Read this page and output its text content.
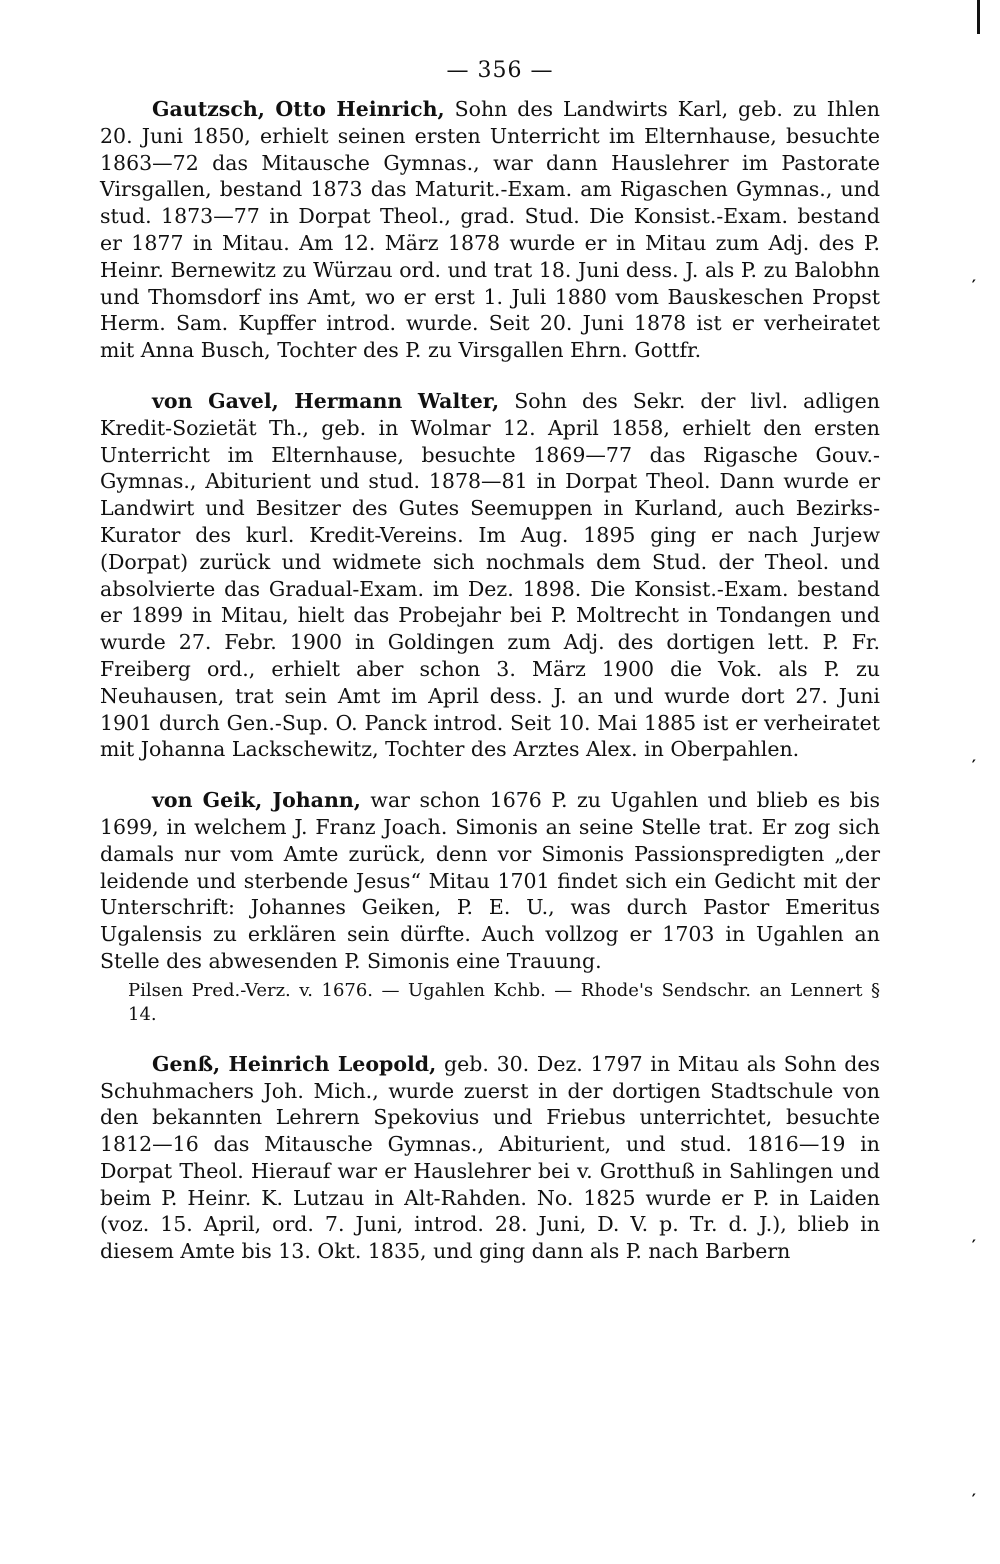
— 356 —

Gautzsch, Otto Heinrich, Sohn des Landwirts Karl, geb. zu Ihlen 20. Juni 1850, erhielt seinen ersten Unterricht im Elternhause, besuchte 1863—72 das Mitausche Gymnas., war dann Hauslehrer im Pastorate Virsgallen, bestand 1873 das Maturit.-Exam. am Rigaschen Gymnas., und stud. 1873—77 in Dorpat Theol., grad. Stud. Die Konsist.-Exam. bestand er 1877 in Mitau. Am 12. März 1878 wurde er in Mitau zum Adj. des P. Heinr. Bernewitz zu Würzau ord. und trat 18. Juni dess. J. als P. zu Balobhn und Thomsdorf ins Amt, wo er erst 1. Juli 1880 vom Bauskeschen Propst Herm. Sam. Kupffer introd. wurde. Seit 20. Juni 1878 ist er verheiratet mit Anna Busch, Tochter des P. zu Virsgallen Ehrn. Gottfr.

von Gavel, Hermann Walter, Sohn des Sekr. der livl. adligen Kredit-Sozietät Th., geb. in Wolmar 12. April 1858, erhielt den ersten Unterricht im Elternhause, besuchte 1869—77 das Rigasche Gouv.-Gymnas., Abiturient und stud. 1878—81 in Dorpat Theol. Dann wurde er Landwirt und Besitzer des Gutes Seemuppen in Kurland, auch Bezirks-Kurator des kurl. Kredit-Vereins. Im Aug. 1895 ging er nach Jurjew (Dorpat) zurück und widmete sich nochmals dem Stud. der Theol. und absolvierte das Gradual-Exam. im Dez. 1898. Die Konsist.-Exam. bestand er 1899 in Mitau, hielt das Probejahr bei P. Moltrecht in Tondangen und wurde 27. Febr. 1900 in Goldingen zum Adj. des dortigen lett. P. Fr. Freiberg ord., erhielt aber schon 3. März 1900 die Vok. als P. zu Neuhausen, trat sein Amt im April dess. J. an und wurde dort 27. Juni 1901 durch Gen.-Sup. O. Panck introd. Seit 10. Mai 1885 ist er verheiratet mit Johanna Lackschewitz, Tochter des Arztes Alex. in Oberpahlen.

von Geik, Johann, war schon 1676 P. zu Ugahlen und blieb es bis 1699, in welchem J. Franz Joach. Simonis an seine Stelle trat. Er zog sich damals nur vom Amte zurück, denn vor Simonis Passionspredigten „der leidende und sterbende Jesus“ Mitau 1701 findet sich ein Gedicht mit der Unterschrift: Johannes Geiken, P. E. U., was durch Pastor Emeritus Ugalensis zu erklären sein dürfte. Auch vollzog er 1703 in Ugahlen an Stelle des abwesenden P. Simonis eine Trauung.

Pilsen Pred.-Verz. v. 1676. — Ugahlen Kchb. — Rhode's Sendschr. an Lennert § 14.

Genß, Heinrich Leopold, geb. 30. Dez. 1797 in Mitau als Sohn des Schuhmachers Joh. Mich., wurde zuerst in der dortigen Stadtschule von den bekannten Lehrern Spekovius und Friebus unterrichtet, besuchte 1812—16 das Mitausche Gymnas., Abiturient, und stud. 1816—19 in Dorpat Theol. Hierauf war er Hauslehrer bei v. Grotthuß in Sahlingen und beim P. Heinr. K. Lutzau in Alt-Rahden. No. 1825 wurde er P. in Laiden (voz. 15. April, ord. 7. Juni, introd. 28. Juni, D. V. p. Tr. d. J.), blieb in diesem Amte bis 13. Okt. 1835, und ging dann als P. nach Barbern

′
′
′
′
